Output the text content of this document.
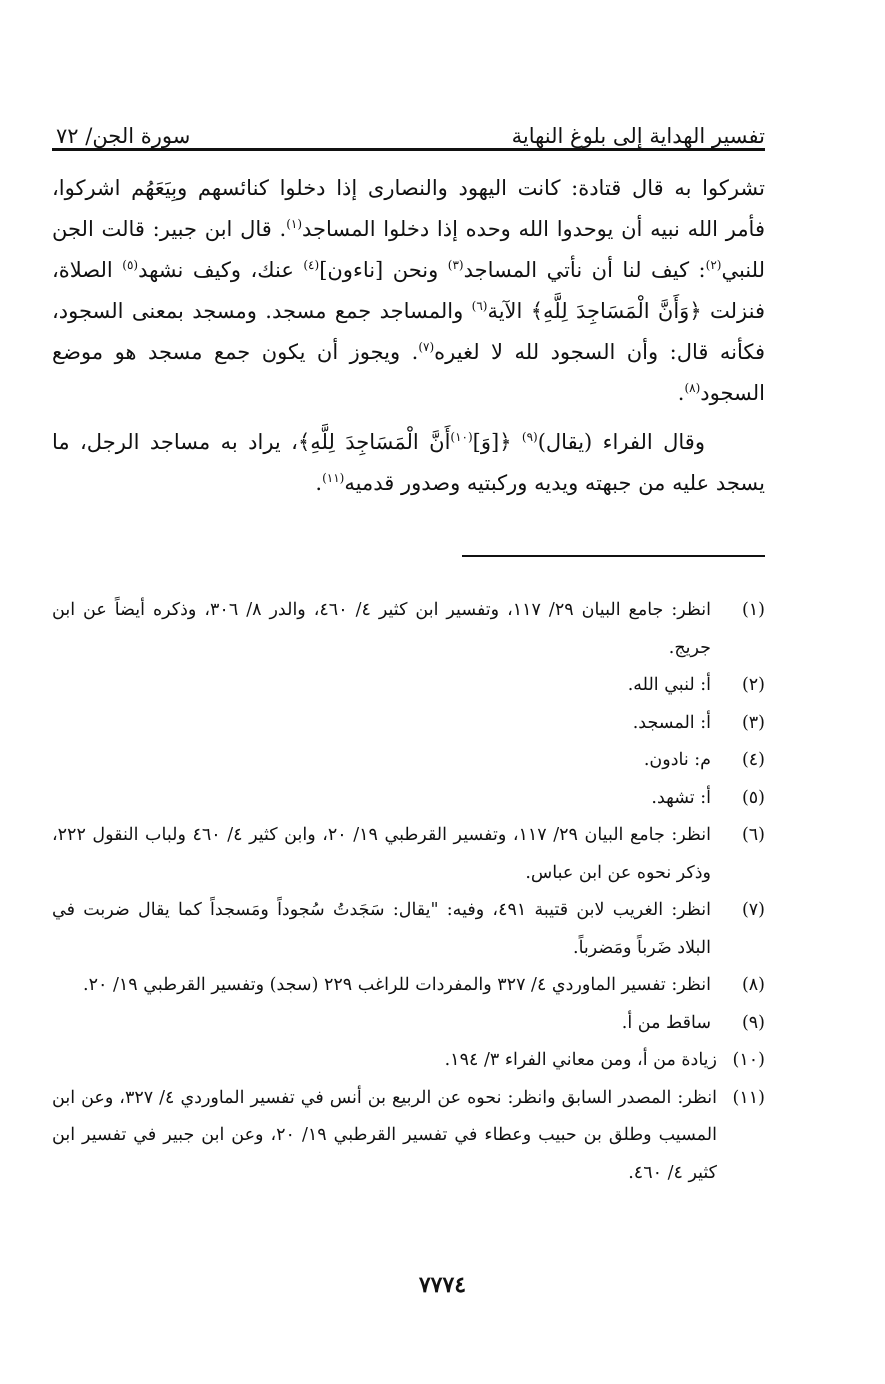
تفسير الهداية إلى بلوغ النهاية
سورة الجن/ ٧٢

تشركوا به قال قتادة: كانت اليهود والنصارى إذا دخلوا كنائسهم وبِيَعَهُم اشركوا، فأمر الله نبيه أن يوحدوا الله وحده إذا دخلوا المساجد$^{(١)}$. قال ابن جبير: قالت الجن للنبي$^{(٢)}$: كيف لنا أن نأتي المساجد$^{(٣)}$ ونحن [ناءون]$^{(٤)}$ عنك، وكيف نشهد$^{(٥)}$ الصلاة، فنزلت ﴿وَأَنَّ الْمَسَاجِدَ لِلَّهِ﴾ الآية$^{(٦)}$ والمساجد جمع مسجد. ومسجد بمعنى السجود، فكأنه قال: وأن السجود لله لا لغيره$^{(٧)}$. ويجوز أن يكون جمع مسجد هو موضع السجود$^{(٨)}$.

وقال الفراء (يقال)$^{(٩)}$ ﴿[وَ]$^{(١٠)}$أَنَّ الْمَسَاجِدَ لِلَّهِ﴾، يراد به مساجد الرجل، ما يسجد عليه من جبهته ويديه وركبتيه وصدور قدميه$^{(١١)}$.

(١)
انظر: جامع البيان ٢٩/ ١١٧، وتفسير ابن كثير ٤/ ٤٦٠، والدر ٨/ ٣٠٦، وذكره أيضاً عن ابن جريج.
(٢)
أ: لنبي الله.
(٣)
أ: المسجد.
(٤)
م: نادون.
(٥)
أ: تشهد.
(٦)
انظر: جامع البيان ٢٩/ ١١٧، وتفسير القرطبي ١٩/ ٢٠، وابن كثير ٤/ ٤٦٠ ولباب النقول ٢٢٢، وذكر نحوه عن ابن عباس.
(٧)
انظر: الغريب لابن قتيبة ٤٩١، وفيه: "يقال: سَجَدتُ سُجوداً ومَسجداً كما يقال ضربت في البلاد ضَرباً ومَضرباً.
(٨)
انظر: تفسير الماوردي ٤/ ٣٢٧ والمفردات للراغب ٢٢٩ (سجد) وتفسير القرطبي ١٩/ ٢٠.
(٩)
ساقط من أ.
(١٠)
زيادة من أ، ومن معاني الفراء ٣/ ١٩٤.
(١١)
انظر: المصدر السابق وانظر: نحوه عن الربيع بن أنس في تفسير الماوردي ٤/ ٣٢٧، وعن ابن المسيب وطلق بن حبيب وعطاء في تفسير القرطبي ١٩/ ٢٠، وعن ابن جبير في تفسير ابن كثير ٤/ ٤٦٠.
٧٧٧٤
